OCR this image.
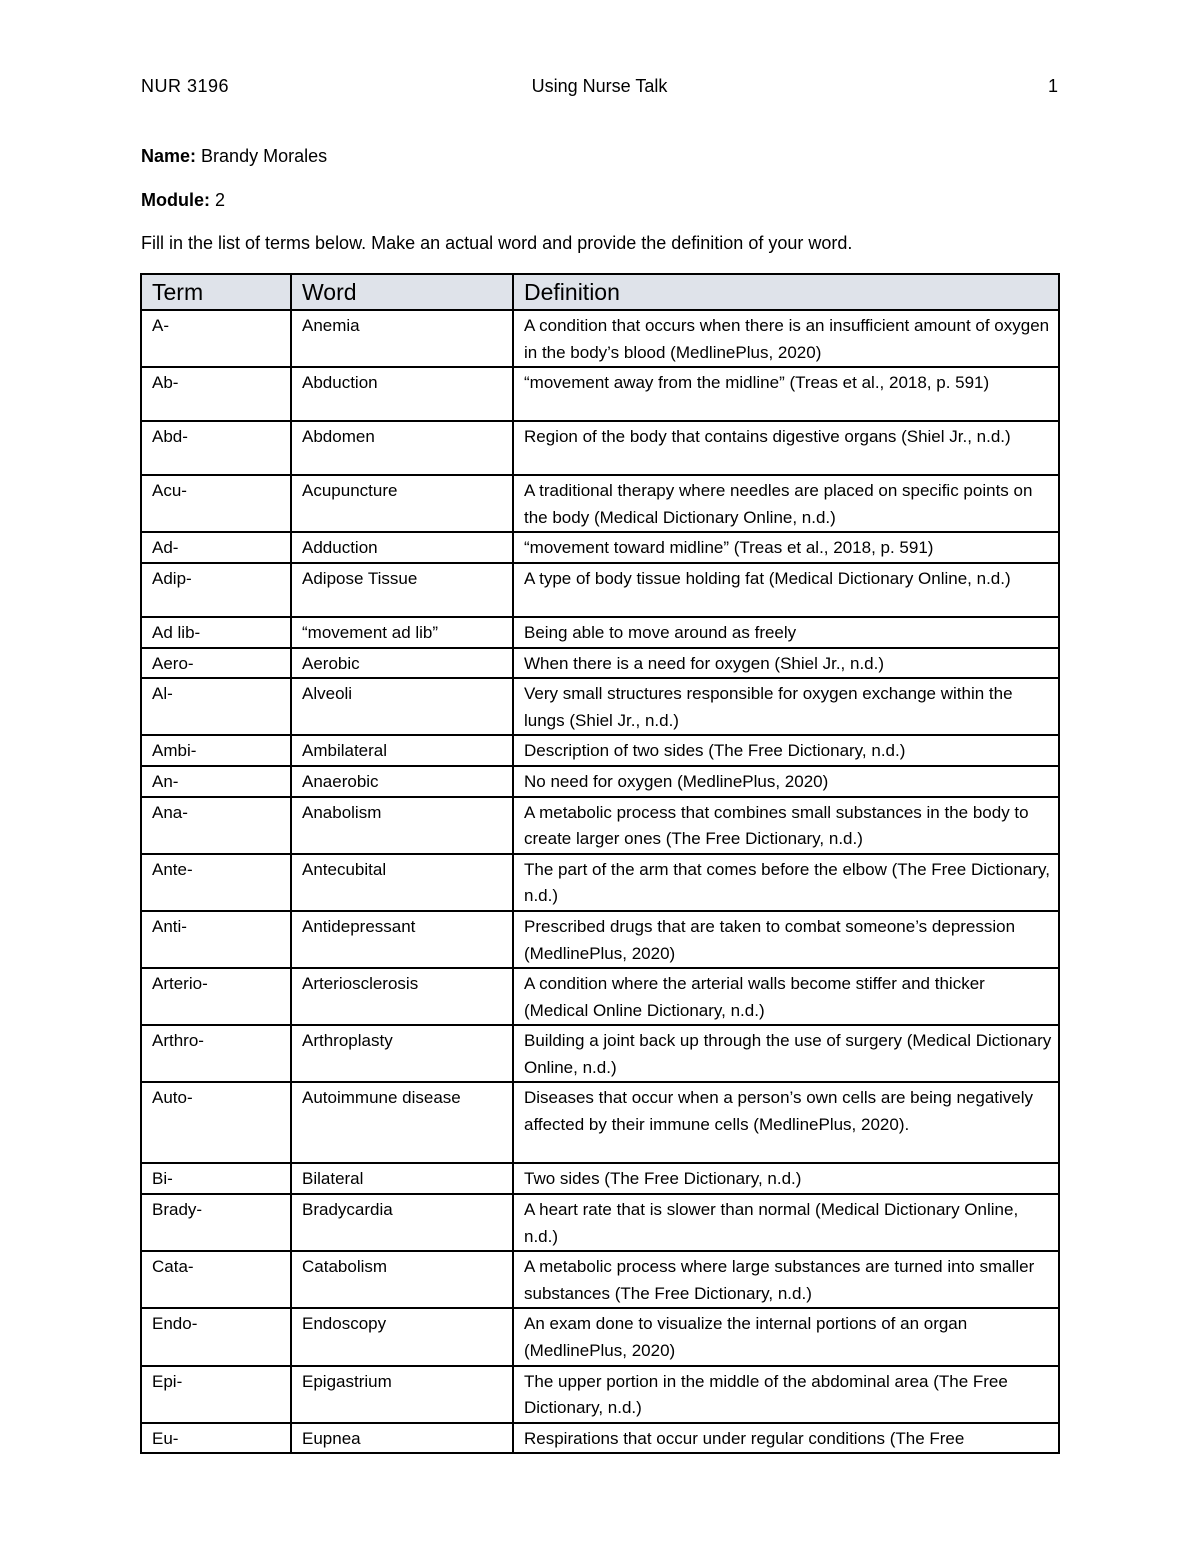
NUR 3196	Using Nurse Talk	1
Name: Brandy Morales
Module: 2
Fill in the list of terms below. Make an actual word and provide the definition of your word.
Term	Word	Definition
A-	Anemia	A condition that occurs when there is an insufficient amount of oxygen in the body’s blood (MedlinePlus, 2020)
Ab-	Abduction	“movement away from the midline” (Treas et al., 2018, p. 591)
Abd-	Abdomen	Region of the body that contains digestive organs (Shiel Jr., n.d.)
Acu-	Acupuncture	A traditional therapy where needles are placed on specific points on the body (Medical Dictionary Online, n.d.)
Ad-	Adduction	“movement toward midline” (Treas et al., 2018, p. 591)
Adip-	Adipose Tissue	A type of body tissue holding fat (Medical Dictionary Online, n.d.)
Ad lib-	“movement ad lib”	Being able to move around as freely
Aero-	Aerobic	When there is a need for oxygen (Shiel Jr., n.d.)
Al-	Alveoli	Very small structures responsible for oxygen exchange within the lungs (Shiel Jr., n.d.)
Ambi-	Ambilateral	Description of two sides (The Free Dictionary, n.d.)
An-	Anaerobic	No need for oxygen (MedlinePlus, 2020)
Ana-	Anabolism	A metabolic process that combines small substances in the body to create larger ones (The Free Dictionary, n.d.)
Ante-	Antecubital	The part of the arm that comes before the elbow (The Free Dictionary, n.d.)
Anti-	Antidepressant	Prescribed drugs that are taken to combat someone’s depression (MedlinePlus, 2020)
Arterio-	Arteriosclerosis	A condition where the arterial walls become stiffer and thicker (Medical Online Dictionary, n.d.)
Arthro-	Arthroplasty	Building a joint back up through the use of surgery (Medical Dictionary Online, n.d.)
Auto-	Autoimmune disease	Diseases that occur when a person’s own cells are being negatively affected by their immune cells (MedlinePlus, 2020).
Bi-	Bilateral	Two sides (The Free Dictionary, n.d.)
Brady-	Bradycardia	A heart rate that is slower than normal (Medical Dictionary Online, n.d.)
Cata-	Catabolism	A metabolic process where large substances are turned into smaller substances (The Free Dictionary, n.d.)
Endo-	Endoscopy	An exam done to visualize the internal portions of an organ (MedlinePlus, 2020)
Epi-	Epigastrium	The upper portion in the middle of the abdominal area (The Free Dictionary, n.d.)
Eu-	Eupnea	Respirations that occur under regular conditions (The Free
